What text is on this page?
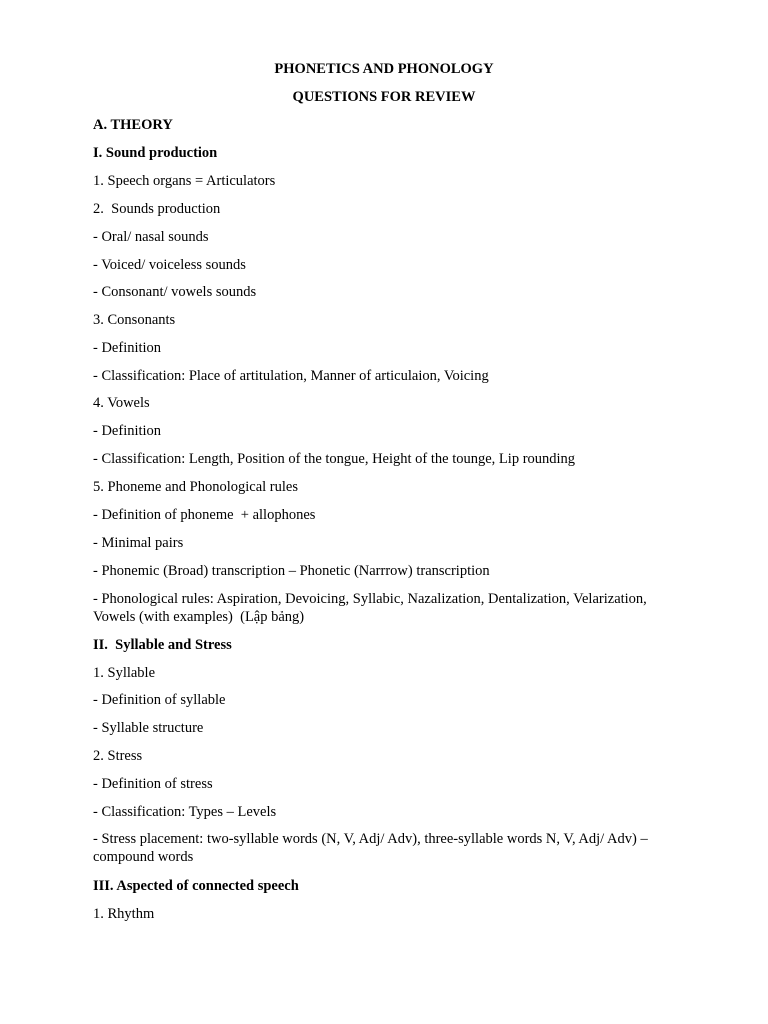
PHONETICS AND PHONOLOGY
QUESTIONS FOR REVIEW
A. THEORY
I. Sound production
1. Speech organs = Articulators
2.  Sounds production
- Oral/ nasal sounds
- Voiced/ voiceless sounds
- Consonant/ vowels sounds
3. Consonants
- Definition
- Classification: Place of artitulation, Manner of articulaion, Voicing
4. Vowels
- Definition
- Classification: Length, Position of the tongue, Height of the tounge, Lip rounding
5. Phoneme and Phonological rules
- Definition of phoneme  + allophones
- Minimal pairs
- Phonemic (Broad) transcription – Phonetic (Narrrow) transcription
- Phonological rules: Aspiration, Devoicing, Syllabic, Nazalization, Dentalization, Velarization, Vowels (with examples)  (Lập bảng)
II.  Syllable and Stress
1. Syllable
- Definition of syllable
- Syllable structure
2. Stress
- Definition of stress
- Classification: Types – Levels
- Stress placement: two-syllable words (N, V, Adj/ Adv), three-syllable words N, V, Adj/ Adv) – compound words
III. Aspected of connected speech
1. Rhythm
